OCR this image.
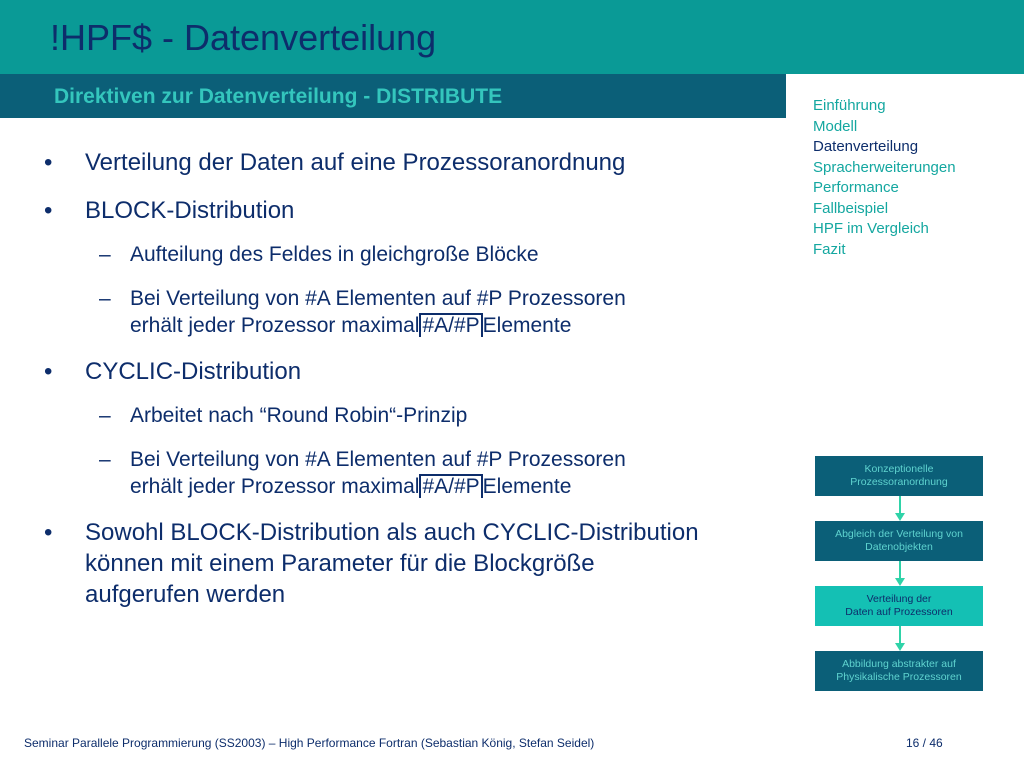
!HPF$ - Datenverteilung
Direktiven zur Datenverteilung - DISTRIBUTE	Einführung
Modell
Datenverteilung
Spracherweiterungen
Performance
Fallbeispiel
HPF im Vergleich
Fazit
• Verteilung der Daten auf eine Prozessoranordnung
• BLOCK-Distribution
– Aufteilung des Feldes in gleichgroße Blöcke
– Bei Verteilung von #A Elementen auf #P Prozessoren
erhält jeder Prozessor maximal #A/#P Elemente
• CYCLIC-Distribution
– Arbeitet nach “Round Robin“-Prinzip
– Bei Verteilung von #A Elementen auf #P Prozessoren
erhält jeder Prozessor maximal #A/#P Elemente
• Sowohl BLOCK-Distribution als auch CYCLIC-Distribution können mit einem Parameter für die Blockgröße aufgerufen werden
Konzeptionelle
Prozessoranordnung
Abgleich der Verteilung von
Datenobjekten
Verteilung der
Daten auf Prozessoren
Abbildung abstrakter auf
Physikalische Prozessoren
Seminar Parallele Programmierung (SS2003) – High Performance Fortran (Sebastian König, Stefan Seidel)	16 / 46
